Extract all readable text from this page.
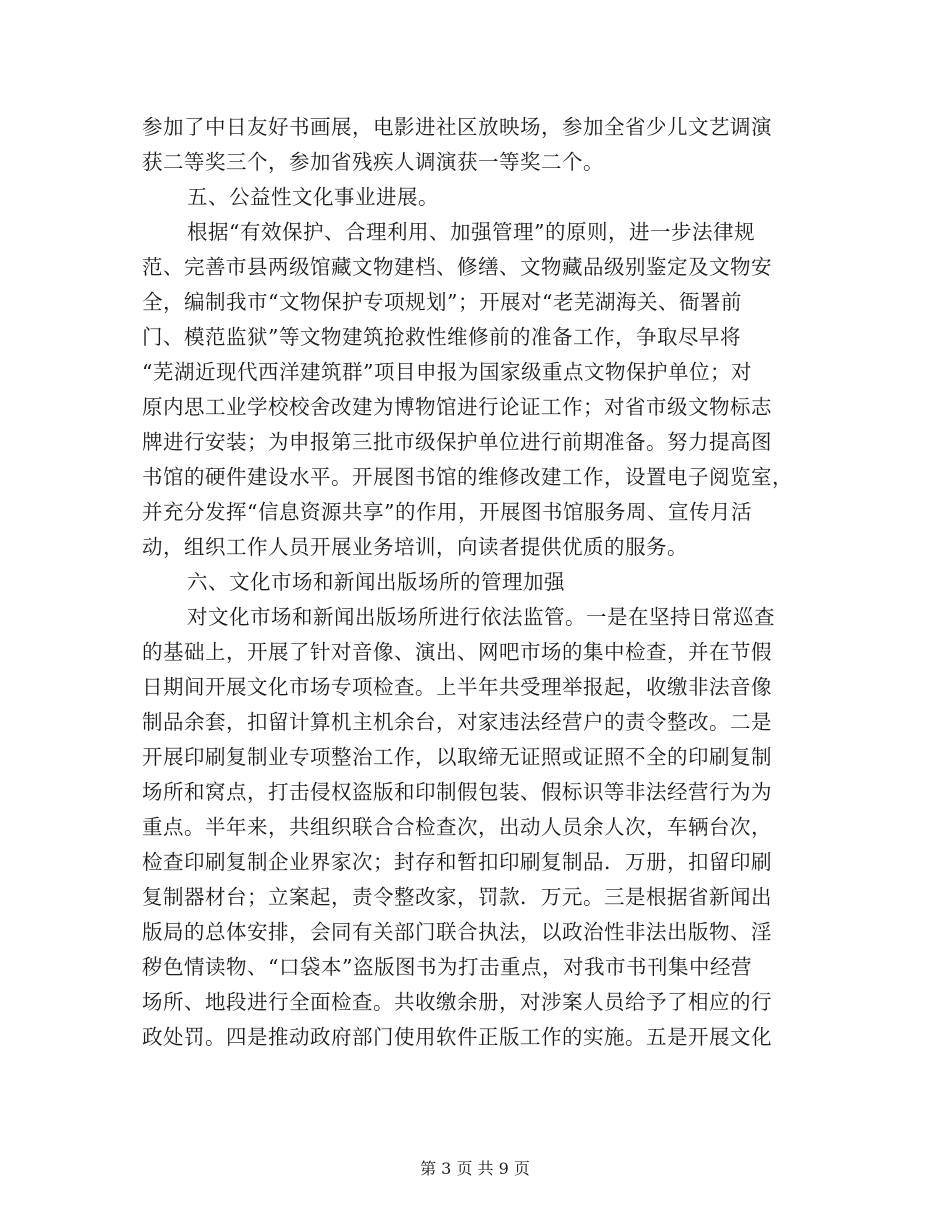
参加了中日友好书画展，电影进社区放映场，参加全省少儿文艺调演
获二等奖三个，参加省残疾人调演获一等奖二个。
五、公益性文化事业进展。
根据“有效保护、合理利用、加强管理”的原则，进一步法律规
范、完善市县两级馆藏文物建档、修缮、文物藏品级别鉴定及文物安
全，编制我市“文物保护专项规划”；开展对“老芜湖海关、衙署前
门、模范监狱”等文物建筑抢救性维修前的准备工作，争取尽早将
“芜湖近现代西洋建筑群”项目申报为国家级重点文物保护单位；对
原内思工业学校校舍改建为博物馆进行论证工作；对省市级文物标志
牌进行安装；为申报第三批市级保护单位进行前期准备。努力提高图
书馆的硬件建设水平。开展图书馆的维修改建工作，设置电子阅览室，
并充分发挥“信息资源共享”的作用，开展图书馆服务周、宣传月活
动，组织工作人员开展业务培训，向读者提供优质的服务。
六、文化市场和新闻出版场所的管理加强
对文化市场和新闻出版场所进行依法监管。一是在坚持日常巡查
的基础上，开展了针对音像、演出、网吧市场的集中检查，并在节假
日期间开展文化市场专项检查。上半年共受理举报起，收缴非法音像
制品余套，扣留计算机主机余台，对家违法经营户的责令整改。二是
开展印刷复制业专项整治工作，以取缔无证照或证照不全的印刷复制
场所和窝点，打击侵权盗版和印制假包装、假标识等非法经营行为为
重点。半年来，共组织联合合检查次，出动人员余人次，车辆台次，
检查印刷复制企业界家次；封存和暂扣印刷复制品．万册，扣留印刷
复制器材台；立案起，责令整改家，罚款．万元。三是根据省新闻出
版局的总体安排，会同有关部门联合执法，以政治性非法出版物、淫
秽色情读物、“口袋本”盗版图书为打击重点，对我市书刊集中经营
场所、地段进行全面检查。共收缴余册，对涉案人员给予了相应的行
政处罚。四是推动政府部门使用软件正版工作的实施。五是开展文化
第 3 页 共 9 页
